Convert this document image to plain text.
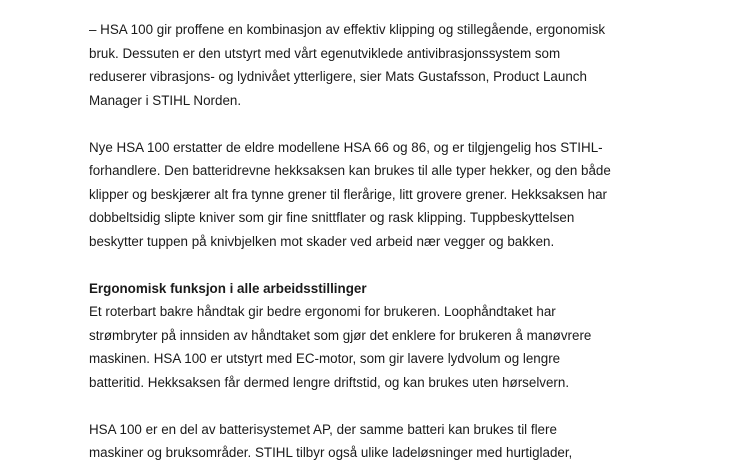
– HSA 100 gir proffene en kombinasjon av effektiv klipping og stillegående, ergonomisk
bruk. Dessuten er den utstyrt med vårt egenutviklede antivibrasjonssystem som
reduserer vibrasjons- og lydnivået ytterligere, sier Mats Gustafsson, Product Launch
Manager i STIHL Norden.

Nye HSA 100 erstatter de eldre modellene HSA 66 og 86, og er tilgjengelig hos STIHL-
forhandlere. Den batteridrevne hekksaksen kan brukes til alle typer hekker, og den både
klipper og beskjærer alt fra tynne grener til flerårige, litt grovere grener. Hekksaksen har
dobbeltsidig slipte kniver som gir fine snittflater og rask klipping. Tuppbeskyttelsen
beskytter tuppen på knivbjelken mot skader ved arbeid nær vegger og bakken.

Ergonomisk funksjon i alle arbeidsstillinger
Et roterbart bakre håndtak gir bedre ergonomi for brukeren. Loophåndtaket har
strømbryter på innsiden av håndtaket som gjør det enklere for brukeren å manøvrere
maskinen. HSA 100 er utstyrt med EC-motor, som gir lavere lydvolum og lengre
batteritid. Hekksaksen får dermed lengre driftstid, og kan brukes uten hørselvern.

HSA 100 er en del av batterisystemet AP, der samme batteri kan brukes til flere
maskiner og bruksområder. STIHL tilbyr også ulike ladeløsninger med hurtiglader,
